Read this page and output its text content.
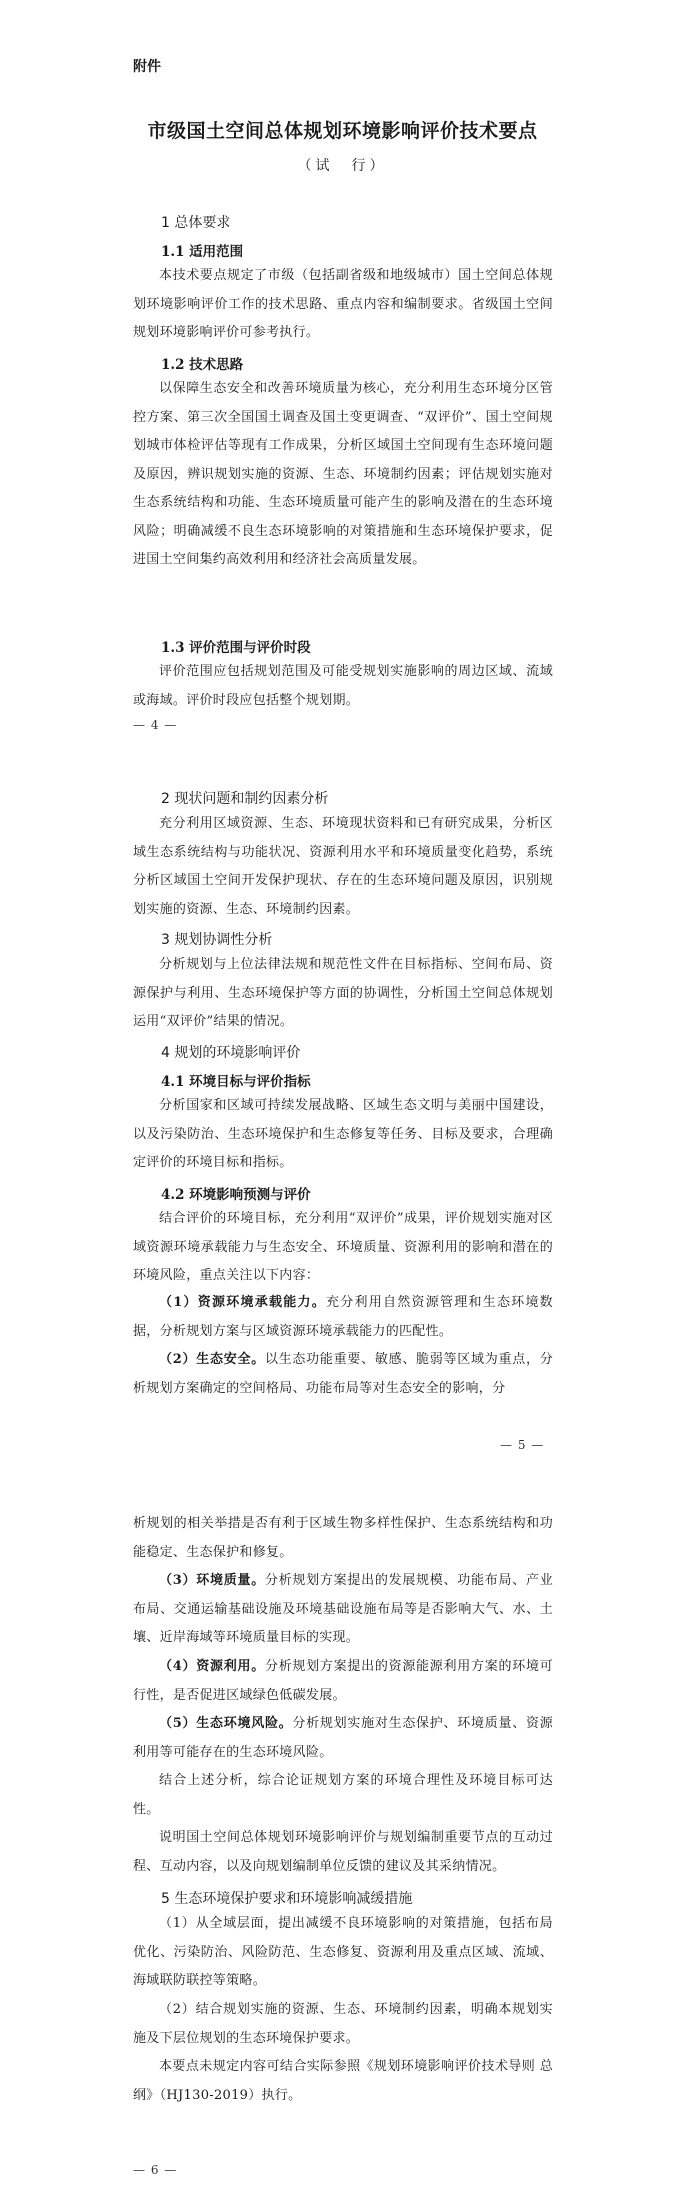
附件
市级国土空间总体规划环境影响评价技术要点
（试　行）
1 总体要求
1.1 适用范围
本技术要点规定了市级（包括副省级和地级城市）国土空间总体规划环境影响评价工作的技术思路、重点内容和编制要求。省级国土空间规划环境影响评价可参考执行。
1.2 技术思路
以保障生态安全和改善环境质量为核心，充分利用生态环境分区管控方案、第三次全国国土调查及国土变更调查、“双评价”、国土空间规划城市体检评估等现有工作成果，分析区域国土空间现有生态环境问题及原因，辨识规划实施的资源、生态、环境制约因素；评估规划实施对生态系统结构和功能、生态环境质量可能产生的影响及潜在的生态环境风险；明确减缓不良生态环境影响的对策措施和生态环境保护要求，促进国土空间集约高效利用和经济社会高质量发展。
1.3 评价范围与评价时段
评价范围应包括规划范围及可能受规划实施影响的周边区域、流域或海域。评价时段应包括整个规划期。
— 4 —
2 现状问题和制约因素分析
充分利用区域资源、生态、环境现状资料和已有研究成果，分析区域生态系统结构与功能状况、资源利用水平和环境质量变化趋势，系统分析区域国土空间开发保护现状、存在的生态环境问题及原因，识别规划实施的资源、生态、环境制约因素。
3 规划协调性分析
分析规划与上位法律法规和规范性文件在目标指标、空间布局、资源保护与利用、生态环境保护等方面的协调性，分析国土空间总体规划运用“双评价”结果的情况。
4 规划的环境影响评价
4.1 环境目标与评价指标
分析国家和区域可持续发展战略、区域生态文明与美丽中国建设，以及污染防治、生态环境保护和生态修复等任务、目标及要求，合理确定评价的环境目标和指标。
4.2 环境影响预测与评价
结合评价的环境目标，充分利用“双评价”成果，评价规划实施对区域资源环境承载能力与生态安全、环境质量、资源利用的影响和潜在的环境风险，重点关注以下内容：
（1）资源环境承载能力。充分利用自然资源管理和生态环境数据，分析规划方案与区域资源环境承载能力的匹配性。
（2）生态安全。以生态功能重要、敏感、脆弱等区域为重点，分析规划方案确定的空间格局、功能布局等对生态安全的影响，分
— 5 —
析规划的相关举措是否有利于区域生物多样性保护、生态系统结构和功能稳定、生态保护和修复。
（3）环境质量。分析规划方案提出的发展规模、功能布局、产业布局、交通运输基础设施及环境基础设施布局等是否影响大气、水、土壤、近岸海域等环境质量目标的实现。
（4）资源利用。分析规划方案提出的资源能源利用方案的环境可行性，是否促进区域绿色低碳发展。
（5）生态环境风险。分析规划实施对生态保护、环境质量、资源利用等可能存在的生态环境风险。
结合上述分析，综合论证规划方案的环境合理性及环境目标可达性。
说明国土空间总体规划环境影响评价与规划编制重要节点的互动过程、互动内容，以及向规划编制单位反馈的建议及其采纳情况。
5 生态环境保护要求和环境影响减缓措施
（1）从全域层面，提出减缓不良环境影响的对策措施，包括布局优化、污染防治、风险防范、生态修复、资源利用及重点区域、流域、海域联防联控等策略。
（2）结合规划实施的资源、生态、环境制约因素，明确本规划实施及下层位规划的生态环境保护要求。
本要点未规定内容可结合实际参照《规划环境影响评价技术导则 总纲》（HJ130-2019）执行。
— 6 —
